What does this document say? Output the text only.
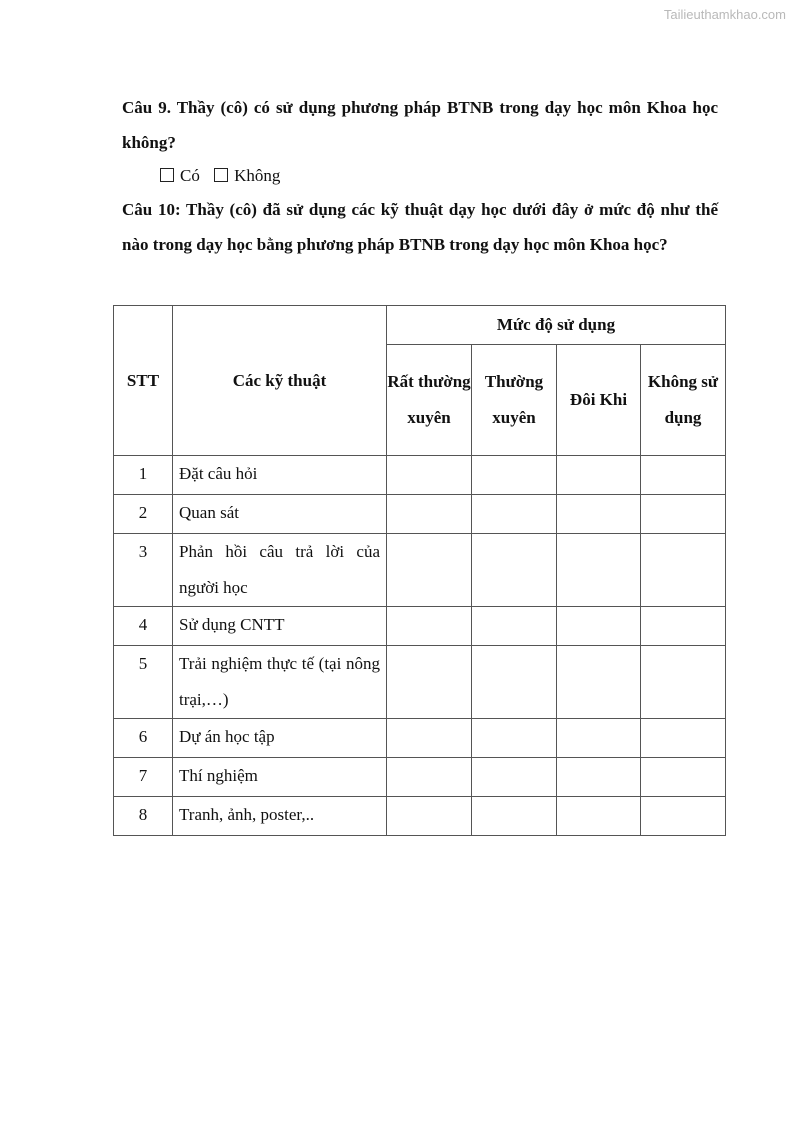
Tailieuthamkhao.com

Câu 9. Thầy (cô) có sử dụng phương pháp BTNB trong dạy học môn Khoa học không?

Có Không

Câu 10: Thầy (cô) đã sử dụng các kỹ thuật dạy học dưới đây ở mức độ như thế nào trong dạy học bằng phương pháp BTNB trong dạy học môn Khoa học?

STT	Các kỹ thuật	Mức độ sử dụng			
		Rất thường xuyên	Thường xuyên	Đôi Khi	Không sử dụng
1	Đặt câu hỏi				
2	Quan sát				
3	Phản hồi câu trả lời của người học				
4	Sử dụng CNTT				
5	Trải nghiệm thực tế (tại nông trại,…)				
6	Dự án học tập				
7	Thí nghiệm				
8	Tranh, ảnh, poster,..				
